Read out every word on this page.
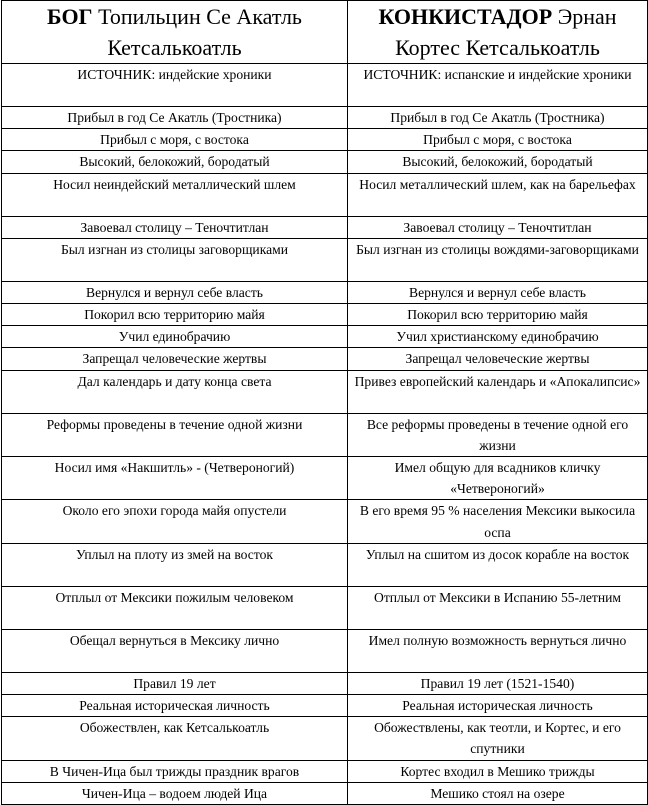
БОГ Топильцин Се Акатль Кетсалькоатль	КОНКИСТАДОР Эрнан Кортес Кетсалькоатль
ИСТОЧНИК: индейские хроники	ИСТОЧНИК: испанские и индейские хроники
Прибыл в год Се Акатль (Тростника)	Прибыл в год Се Акатль (Тростника)
Прибыл с моря, с востока	Прибыл с моря, с востока
Высокий, белокожий, бородатый	Высокий, белокожий, бородатый
Носил неиндейский металлический шлем	Носил металлический шлем, как на барельефах
Завоевал столицу – Теночтитлан	Завоевал столицу – Теночтитлан
Был изгнан из столицы заговорщиками	Был изгнан из столицы вождями-заговорщиками
Вернулся и вернул себе власть	Вернулся и вернул себе власть
Покорил всю территорию майя	Покорил всю территорию майя
Учил единобрачию	Учил христианскому единобрачию
Запрещал человеческие жертвы	Запрещал человеческие жертвы
Дал календарь и дату конца света	Привез европейский календарь и «Апокалипсис»
Реформы проведены в течение одной жизни	Все реформы проведены в течение одной его жизни
Носил имя «Накшитль» - (Четвероногий)	Имел общую для всадников кличку «Четвероногий»
Около его эпохи города майя опустели	В его время 95 % населения Мексики выкосила оспа
Уплыл на плоту из змей на восток	Уплыл на сшитом из досок корабле на восток
Отплыл от Мексики пожилым человеком	Отплыл от Мексики в Испанию 55-летним
Обещал вернуться в Мексику лично	Имел полную возможность вернуться лично
Правил 19 лет	Правил 19 лет (1521-1540)
Реальная историческая личность	Реальная историческая личность
Обожествлен, как Кетсалькоатль	Обожествлены, как теотли, и Кортес, и его спутники
В Чичен-Ица был трижды праздник врагов	Кортес входил в Мешико трижды
Чичен-Ица – водоем людей Ица	Мешико стоял на озере
